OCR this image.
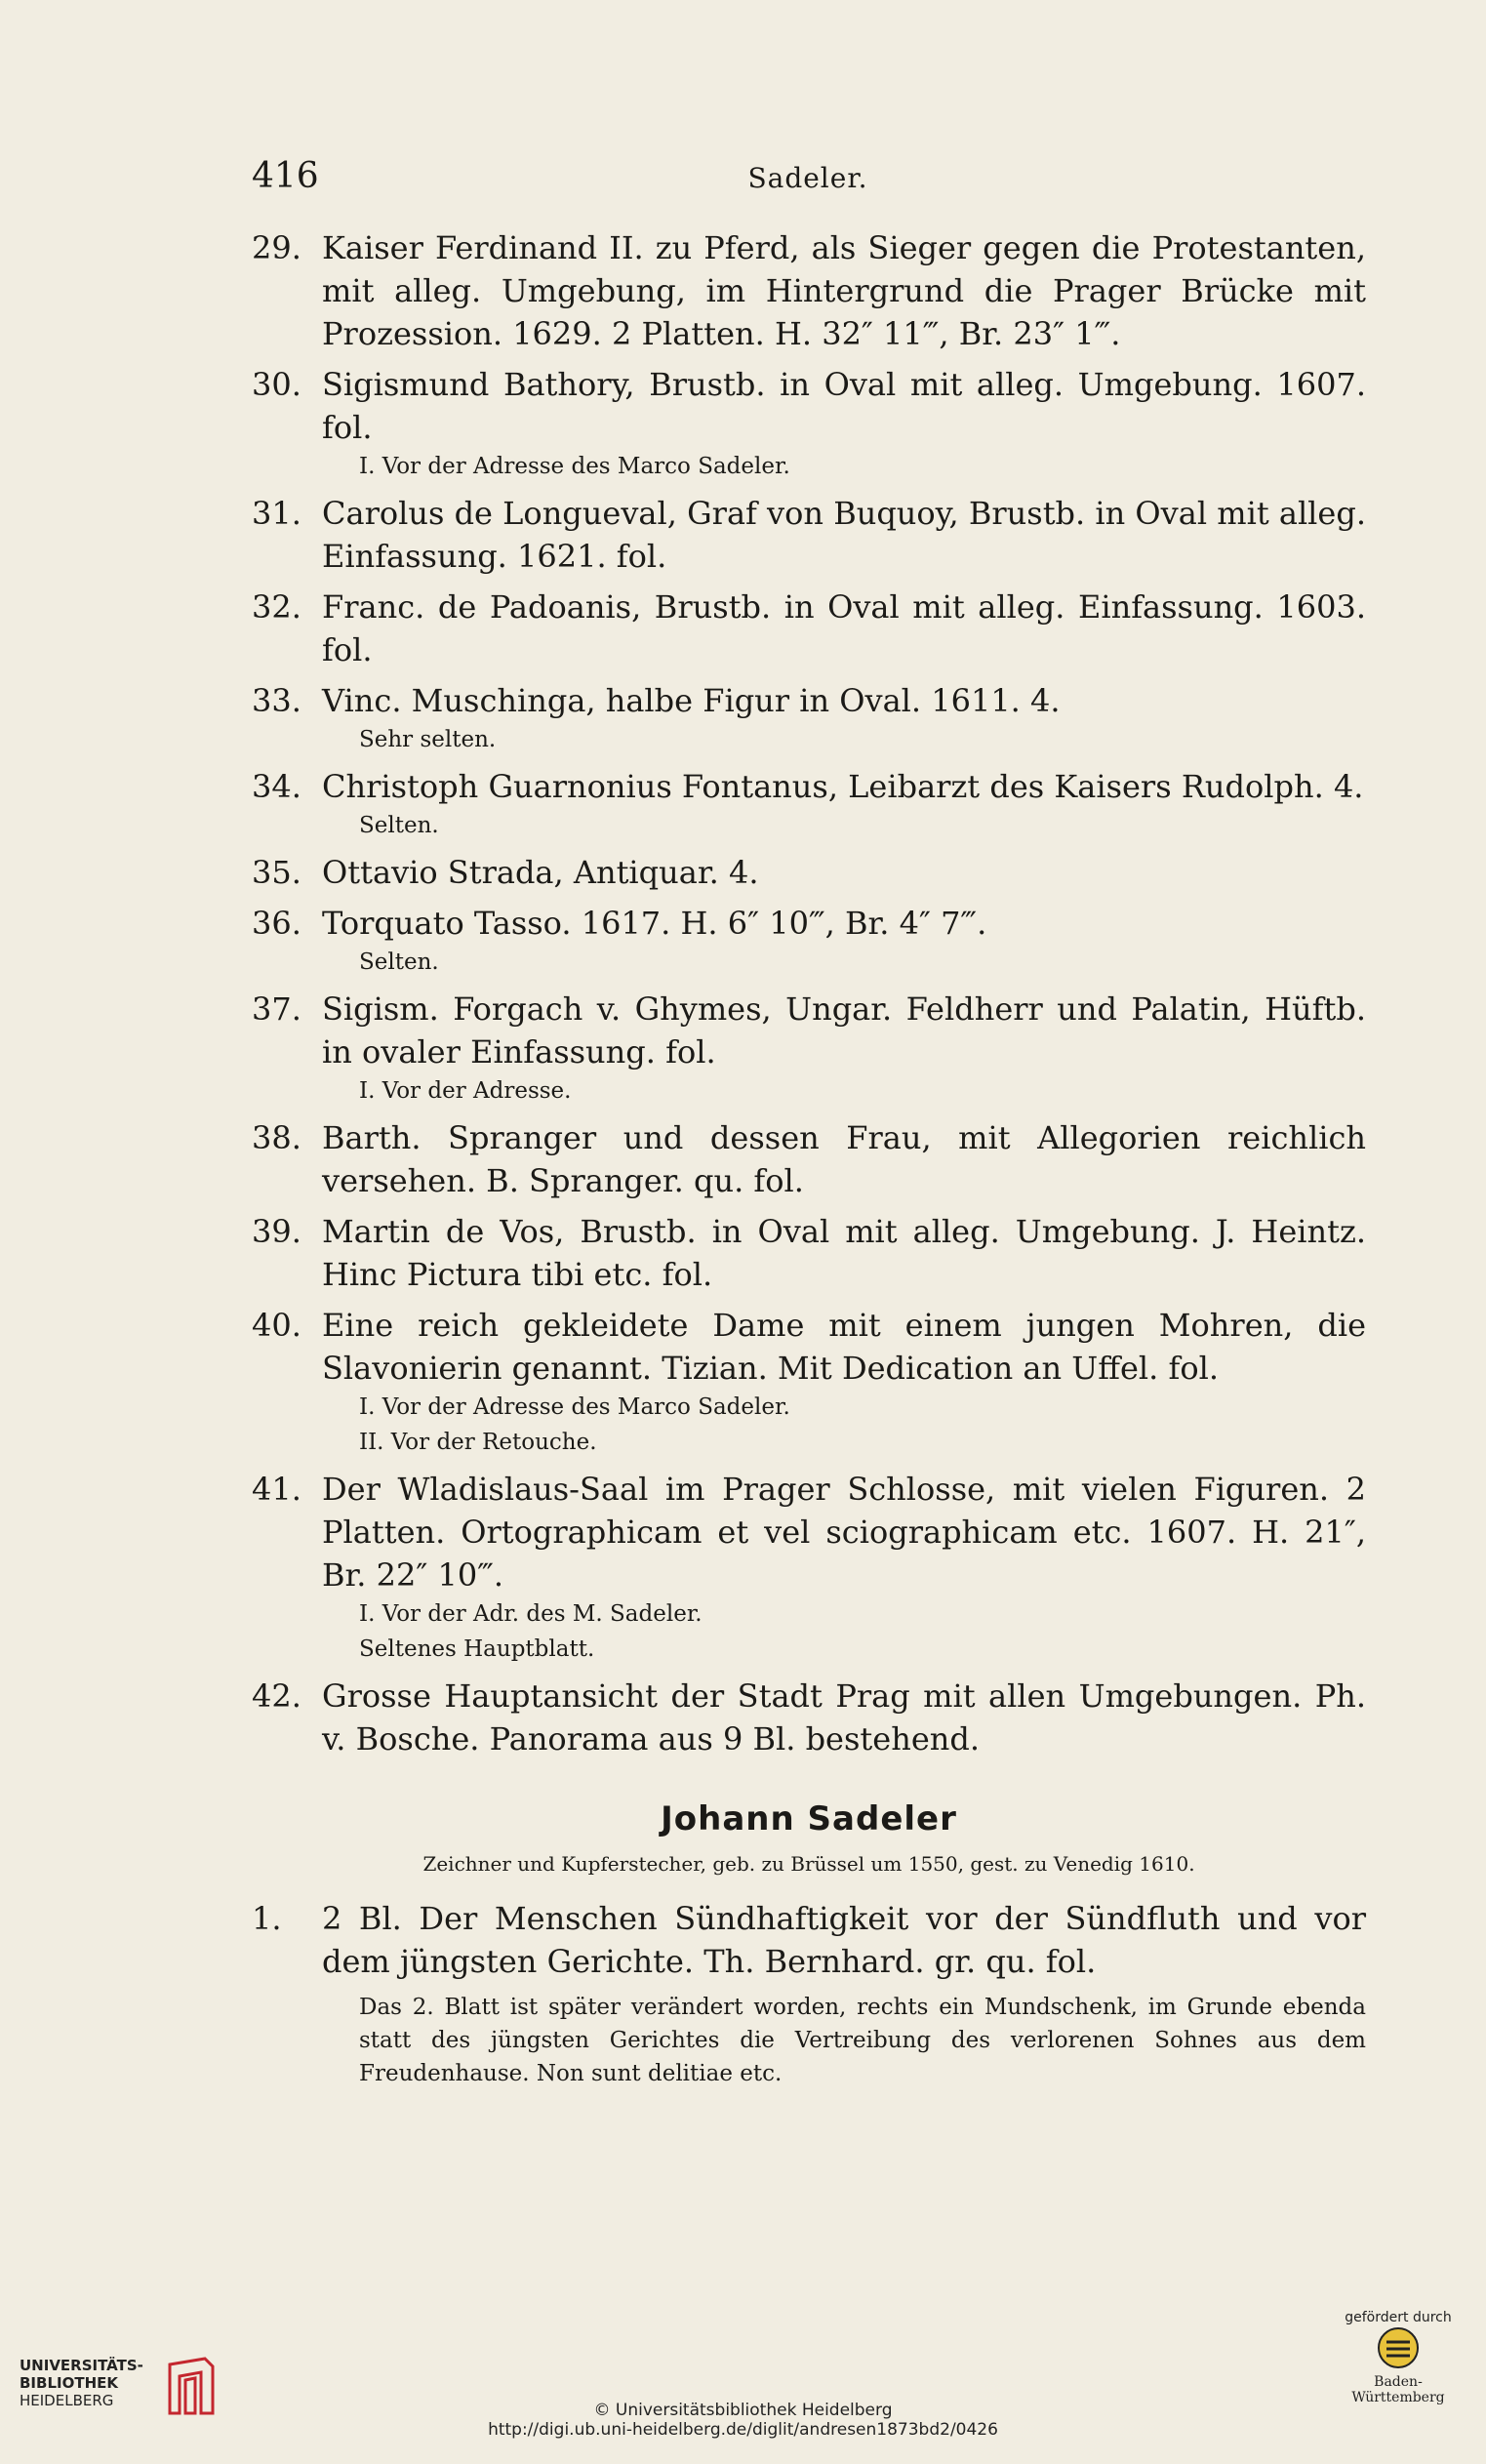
416	Sadeler.
29. Kaiser Ferdinand II. zu Pferd, als Sieger gegen die Protestanten, mit alleg. Umgebung, im Hintergrund die Prager Brücke mit Prozession. 1629. 2 Platten. H. 32″ 11‴, Br. 23″ 1‴.
30. Sigismund Bathory, Brustb. in Oval mit alleg. Umgebung. 1607. fol.
I. Vor der Adresse des Marco Sadeler.
31. Carolus de Longueval, Graf von Buquoy, Brustb. in Oval mit alleg. Einfassung. 1621. fol.
32. Franc. de Padoanis, Brustb. in Oval mit alleg. Einfassung. 1603. fol.
33. Vinc. Muschinga, halbe Figur in Oval. 1611. 4.
Sehr selten.
34. Christoph Guarnonius Fontanus, Leibarzt des Kaisers Rudolph. 4.
Selten.
35. Ottavio Strada, Antiquar. 4.
36. Torquato Tasso. 1617. H. 6″ 10‴, Br. 4″ 7‴.
Selten.
37. Sigism. Forgach v. Ghymes, Ungar. Feldherr und Palatin, Hüftb. in ovaler Einfassung. fol.
I. Vor der Adresse.
38. Barth. Spranger und dessen Frau, mit Allegorien reichlich versehen. B. Spranger. qu. fol.
39. Martin de Vos, Brustb. in Oval mit alleg. Umgebung. J. Heintz. Hinc Pictura tibi etc. fol.
40. Eine reich gekleidete Dame mit einem jungen Mohren, die Slavonierin genannt. Tizian. Mit Dedication an Uffel. fol.
I. Vor der Adresse des Marco Sadeler.
II. Vor der Retouche.
41. Der Wladislaus-Saal im Prager Schlosse, mit vielen Figuren. 2 Platten. Ortographicam et vel sciographicam etc. 1607. H. 21″, Br. 22″ 10‴.
I. Vor der Adr. des M. Sadeler.
Seltenes Hauptblatt.
42. Grosse Hauptansicht der Stadt Prag mit allen Umgebungen. Ph. v. Bosche. Panorama aus 9 Bl. bestehend.
Johann Sadeler
Zeichner und Kupferstecher, geb. zu Brüssel um 1550, gest. zu Venedig 1610.
1. 2 Bl. Der Menschen Sündhaftigkeit vor der Sündfluth und vor dem jüngsten Gerichte. Th. Bernhard. gr. qu. fol.
Das 2. Blatt ist später verändert worden, rechts ein Mundschenk, im Grunde ebenda statt des jüngsten Gerichtes die Vertreibung des verlorenen Sohnes aus dem Freudenhause. Non sunt delitiae etc.
UNIVERSITÄTS-
BIBLIOTHEK
HEIDELBERG	© Universitätsbibliothek Heidelberg
http://digi.ub.uni-heidelberg.de/diglit/andresen1873bd2/0426
gefördert durch
Baden-Württemberg
